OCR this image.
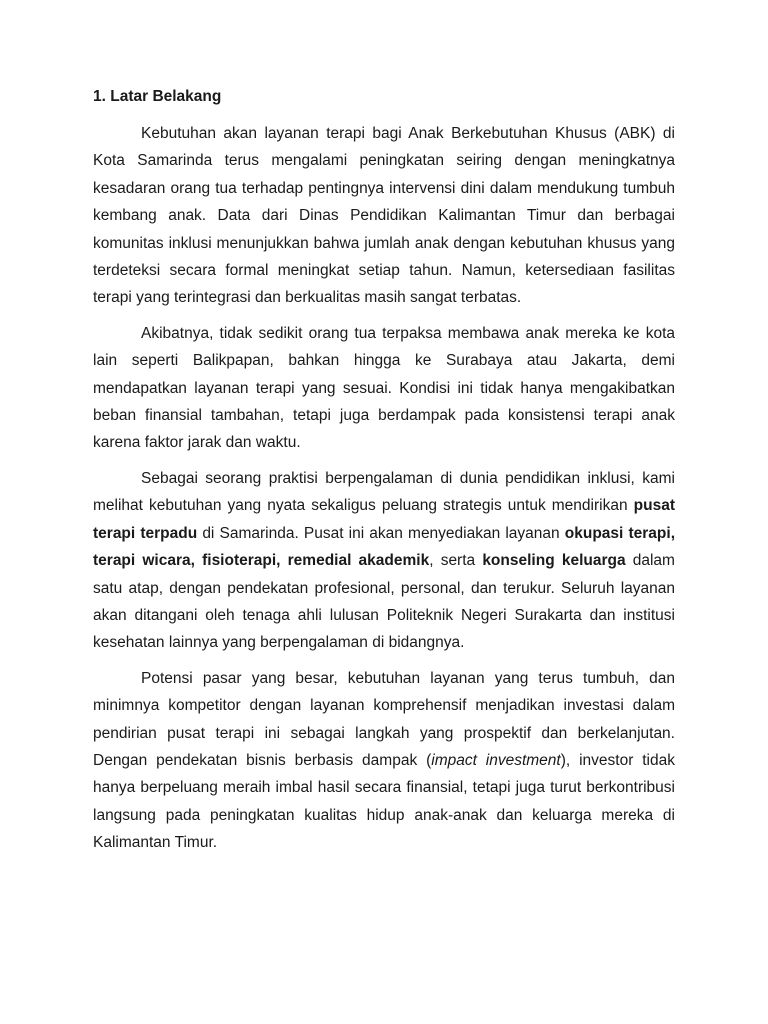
1. Latar Belakang

Kebutuhan akan layanan terapi bagi Anak Berkebutuhan Khusus (ABK) di Kota Samarinda terus mengalami peningkatan seiring dengan meningkatnya kesadaran orang tua terhadap pentingnya intervensi dini dalam mendukung tumbuh kembang anak. Data dari Dinas Pendidikan Kalimantan Timur dan berbagai komunitas inklusi menunjukkan bahwa jumlah anak dengan kebutuhan khusus yang terdeteksi secara formal meningkat setiap tahun. Namun, ketersediaan fasilitas terapi yang terintegrasi dan berkualitas masih sangat terbatas.

Akibatnya, tidak sedikit orang tua terpaksa membawa anak mereka ke kota lain seperti Balikpapan, bahkan hingga ke Surabaya atau Jakarta, demi mendapatkan layanan terapi yang sesuai. Kondisi ini tidak hanya mengakibatkan beban finansial tambahan, tetapi juga berdampak pada konsistensi terapi anak karena faktor jarak dan waktu.

Sebagai seorang praktisi berpengalaman di dunia pendidikan inklusi, kami melihat kebutuhan yang nyata sekaligus peluang strategis untuk mendirikan pusat terapi terpadu di Samarinda. Pusat ini akan menyediakan layanan okupasi terapi, terapi wicara, fisioterapi, remedial akademik, serta konseling keluarga dalam satu atap, dengan pendekatan profesional, personal, dan terukur. Seluruh layanan akan ditangani oleh tenaga ahli lulusan Politeknik Negeri Surakarta dan institusi kesehatan lainnya yang berpengalaman di bidangnya.

Potensi pasar yang besar, kebutuhan layanan yang terus tumbuh, dan minimnya kompetitor dengan layanan komprehensif menjadikan investasi dalam pendirian pusat terapi ini sebagai langkah yang prospektif dan berkelanjutan. Dengan pendekatan bisnis berbasis dampak (impact investment), investor tidak hanya berpeluang meraih imbal hasil secara finansial, tetapi juga turut berkontribusi langsung pada peningkatan kualitas hidup anak-anak dan keluarga mereka di Kalimantan Timur.
